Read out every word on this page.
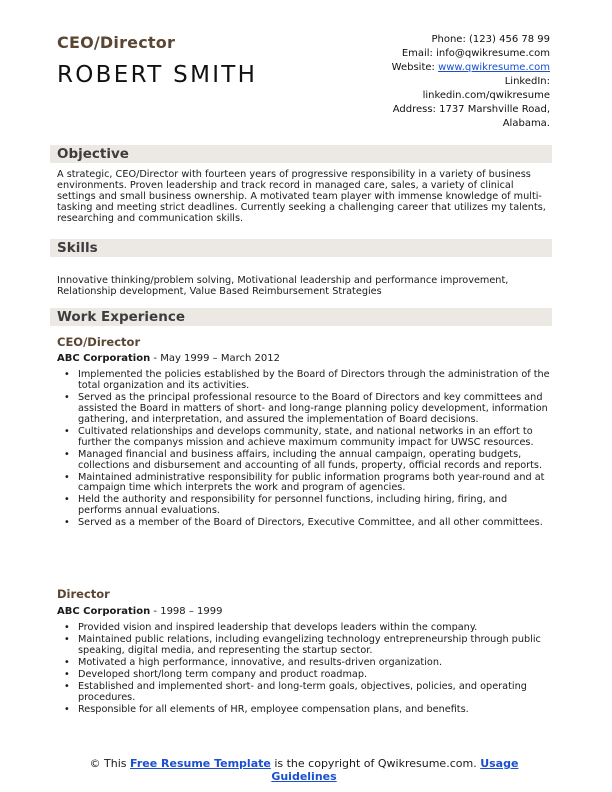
CEO/Director
ROBERT SMITH
Phone: (123) 456 78 99
Email: info@qwikresume.com
Website: www.qwikresume.com
LinkedIn:
linkedin.com/qwikresume
Address: 1737 Marshville Road,
Alabama.
Objective
A strategic, CEO/Director with fourteen years of progressive responsibility in a variety of business environments. Proven leadership and track record in managed care, sales, a variety of clinical settings and small business ownership. A motivated team player with immense knowledge of multi-tasking and meeting strict deadlines. Currently seeking a challenging career that utilizes my talents, researching and communication skills.
Skills
Innovative thinking/problem solving, Motivational leadership and performance improvement, Relationship development, Value Based Reimbursement Strategies
Work Experience
CEO/Director
ABC Corporation - May 1999 – March 2012
• Implemented the policies established by the Board of Directors through the administration of the total organization and its activities.
• Served as the principal professional resource to the Board of Directors and key committees and assisted the Board in matters of short- and long-range planning policy development, information gathering, and interpretation, and assured the implementation of Board decisions.
• Cultivated relationships and develops community, state, and national networks in an effort to further the companys mission and achieve maximum community impact for UWSC resources.
• Managed financial and business affairs, including the annual campaign, operating budgets, collections and disbursement and accounting of all funds, property, official records and reports.
• Maintained administrative responsibility for public information programs both year-round and at campaign time which interprets the work and program of agencies.
• Held the authority and responsibility for personnel functions, including hiring, firing, and performs annual evaluations.
• Served as a member of the Board of Directors, Executive Committee, and all other committees.
Director
ABC Corporation - 1998 – 1999
• Provided vision and inspired leadership that develops leaders within the company.
• Maintained public relations, including evangelizing technology entrepreneurship through public speaking, digital media, and representing the startup sector.
• Motivated a high performance, innovative, and results-driven organization.
• Developed short/long term company and product roadmap.
• Established and implemented short- and long-term goals, objectives, policies, and operating procedures.
• Responsible for all elements of HR, employee compensation plans, and benefits.
© This Free Resume Template is the copyright of Qwikresume.com. Usage Guidelines
